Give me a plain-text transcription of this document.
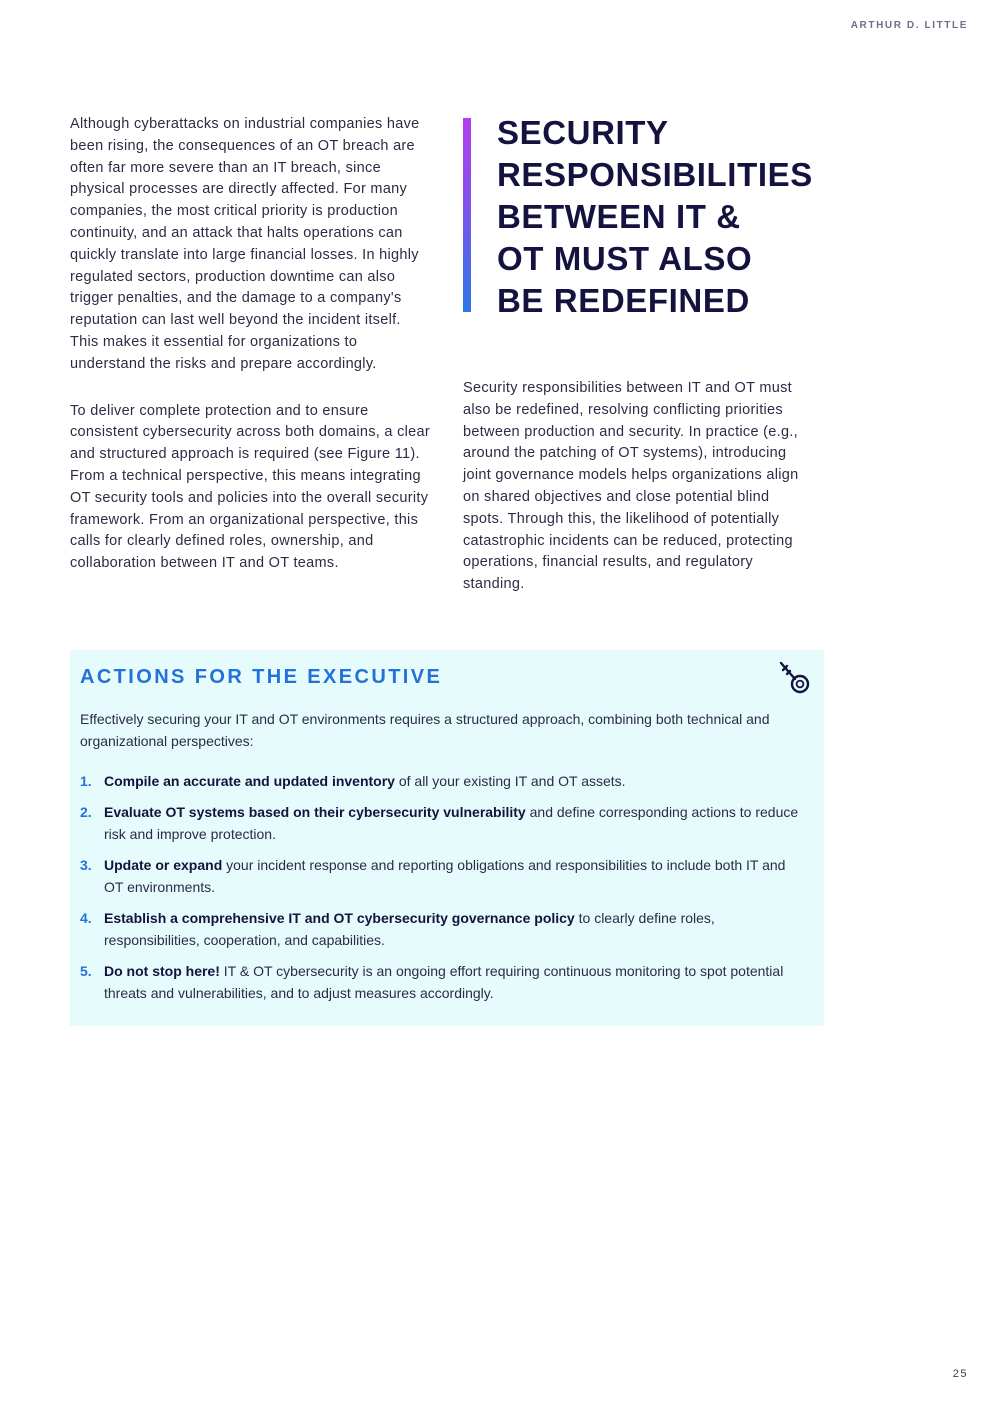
ARTHUR D. LITTLE

Although cyberattacks on industrial companies have been rising, the consequences of an OT breach are often far more severe than an IT breach, since physical processes are directly affected. For many companies, the most critical priority is production continuity, and an attack that halts operations can quickly translate into large financial losses. In highly regulated sectors, production downtime can also trigger penalties, and the damage to a company's reputation can last well beyond the incident itself. This makes it essential for organizations to understand the risks and prepare accordingly.

To deliver complete protection and to ensure consistent cybersecurity across both domains, a clear and structured approach is required (see Figure 11). From a technical perspective, this means integrating OT security tools and policies into the overall security framework. From an organizational perspective, this calls for clearly defined roles, ownership, and collaboration between IT and OT teams.

SECURITY
RESPONSIBILITIES
BETWEEN IT &
OT MUST ALSO
BE REDEFINED

Security responsibilities between IT and OT must also be redefined, resolving conflicting priorities between production and security. In practice (e.g., around the patching of OT systems), introducing joint governance models helps organizations align on shared objectives and close potential blind spots. Through this, the likelihood of potentially catastrophic incidents can be reduced, protecting operations, financial results, and regulatory standing.

ACTIONS FOR THE EXECUTIVE

Effectively securing your IT and OT environments requires a structured approach, combining both technical and organizational perspectives:

1. Compile an accurate and updated inventory of all your existing IT and OT assets.
2. Evaluate OT systems based on their cybersecurity vulnerability and define corresponding actions to reduce risk and improve protection.
3. Update or expand your incident response and reporting obligations and responsibilities to include both IT and OT environments.
4. Establish a comprehensive IT and OT cybersecurity governance policy to clearly define roles, responsibilities, cooperation, and capabilities.
5. Do not stop here! IT & OT cybersecurity is an ongoing effort requiring continuous monitoring to spot potential threats and vulnerabilities, and to adjust measures accordingly.
25
